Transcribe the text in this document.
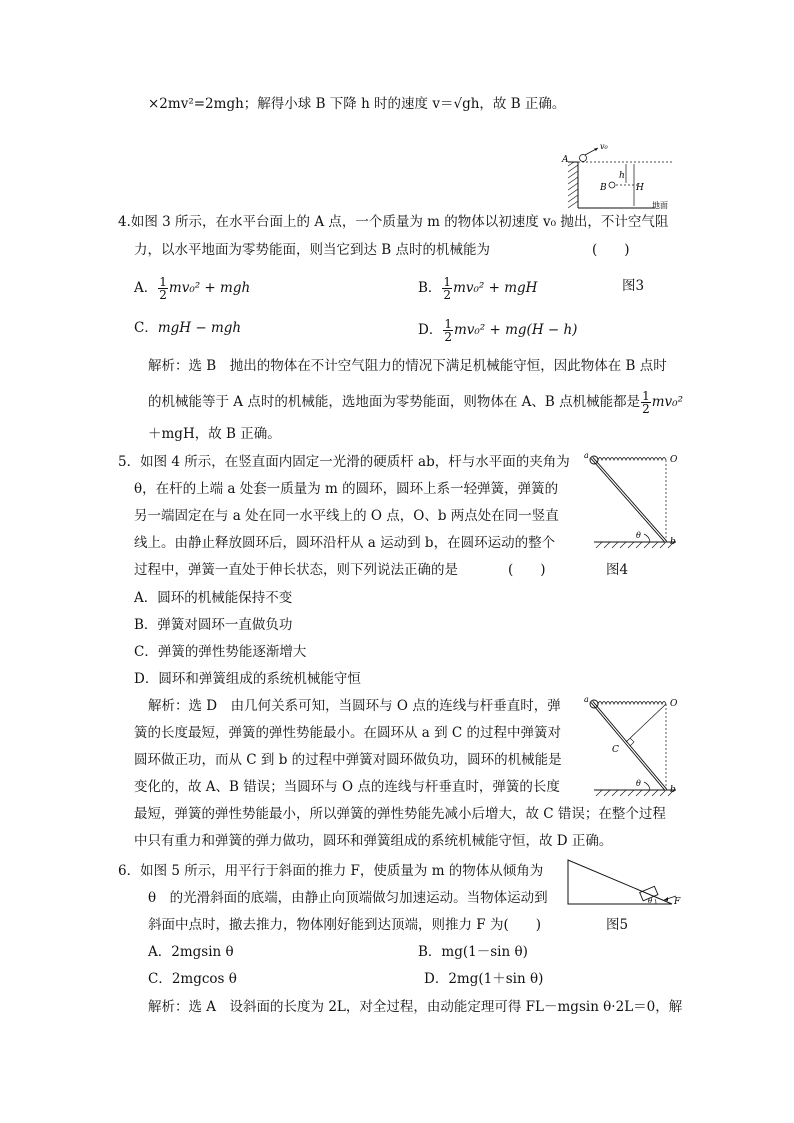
×2mv²=2mgh；解得小球 B 下降 h 时的速度 v＝√gh，故 B 正确。
A
v₀
h
H
B
地面
4.如图 3 所示，在水平台面上的 A 点，一个质量为 m 的物体以初速度 v₀ 抛出，不计空气阻
力，以水平地面为零势能面，则当它到达 B 点时的机械能为	(　　)
A． $\frac{1}{2} mv_0^2$ + mgh	B． $\frac{1}{2} mv_0^2$ + mgH	图3
C．mgH − mgh	D． $\frac{1}{2} mv_0^2 + mg(H - h)$
解析：选 B　抛出的物体在不计空气阻力的情况下满足机械能守恒，因此物体在 B 点时
的机械能等于 A 点时的机械能，选地面为零势能面，则物体在 A、B 点机械能都是 $\frac{1}{2} mv_0^2$
＋mgH，故 B 正确。
5．如图 4 所示，在竖直面内固定一光滑的硬质杆 ab，杆与水平面的夹角为
θ，在杆的上端 a 处套一质量为 m 的圆环，圆环上系一轻弹簧，弹簧的
另一端固定在与 a 处在同一水平线上的 O 点，O、b 两点处在同一竖直
线上。由静止释放圆环后，圆环沿杆从 a 运动到 b，在圆环运动的整个
过程中，弹簧一直处于伸长状态，则下列说法正确的是	(　　)	图4
a	O
b
θ
A．圆环的机械能保持不变
B．弹簧对圆环一直做负功
C．弹簧的弹性势能逐渐增大
D．圆环和弹簧组成的系统机械能守恒
解析：选 D　由几何关系可知，当圆环与 O 点的连线与杆垂直时，弹
簧的长度最短，弹簧的弹性势能最小。在圆环从 a 到 C 的过程中弹簧对
圆环做正功，而从 C 到 b 的过程中弹簧对圆环做负功，圆环的机械能是
变化的，故 A、B 错误；当圆环与 O 点的连线与杆垂直时，弹簧的长度
最短，弹簧的弹性势能最小，所以弹簧的弹性势能先减小后增大，故 C 错误；在整个过程
中只有重力和弹簧的弹力做功，圆环和弹簧组成的系统机械能守恒，故 D 正确。
a	O
b
C
θ
6．如图 5 所示，用平行于斜面的推力 F，使质量为 m 的物体从倾角为
θ　的光滑斜面的底端，由静止向顶端做匀加速运动。当物体运动到
斜面中点时，撤去推力，物体刚好能到达顶端，则推力 F 为(　　)	图5
θ F
A．2mgsin θ	B．mg(1－sin θ)
C．2mgcos θ	D．2mg(1＋sin θ)
解析：选 A　设斜面的长度为 2L，对全过程，由动能定理可得 FL－mgsin θ·2L＝0，解
